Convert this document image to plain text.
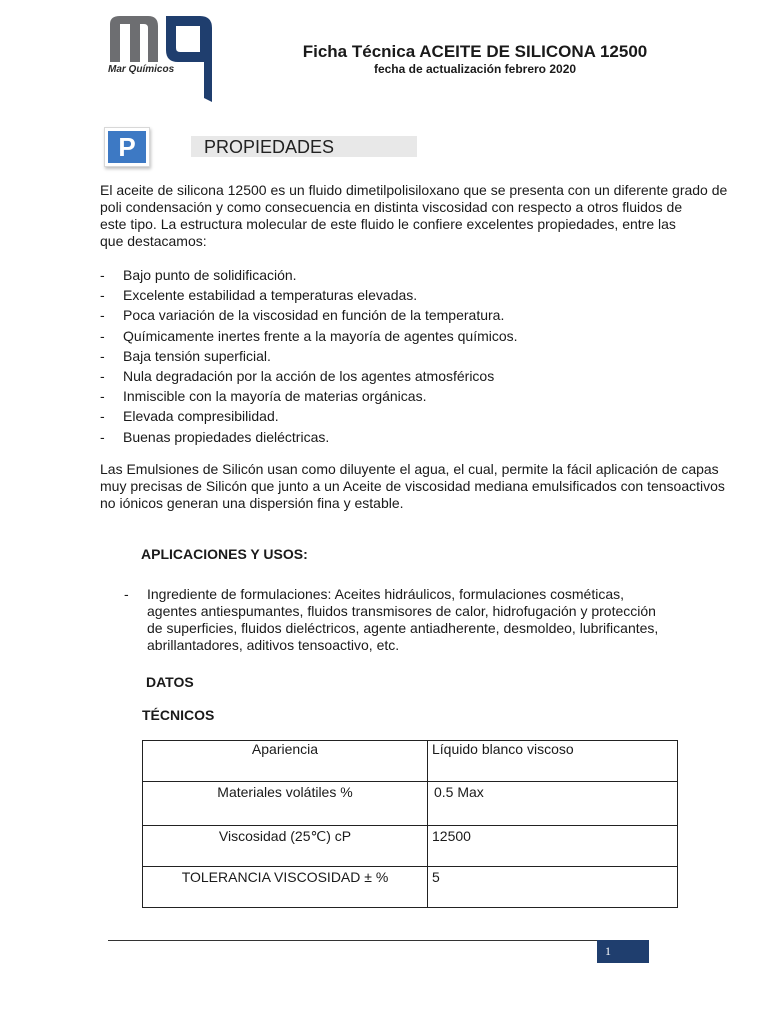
Mar Químicos
Ficha Técnica ACEITE DE SILICONA 12500
fecha de actualización febrero 2020
P	PROPIEDADES
El aceite de silicona 12500 es un fluido dimetilpolisiloxano que se presenta con un diferente grado de
poli condensación y como consecuencia en distinta viscosidad con respecto a otros fluidos de
este tipo. La estructura molecular de este fluido le confiere excelentes propiedades, entre las
que destacamos:
- Bajo punto de solidificación.
- Excelente estabilidad a temperaturas elevadas.
- Poca variación de la viscosidad en función de la temperatura.
- Químicamente inertes frente a la mayoría de agentes químicos.
- Baja tensión superficial.
- Nula degradación por la acción de los agentes atmosféricos
- Inmiscible con la mayoría de materias orgánicas.
- Elevada compresibilidad.
- Buenas propiedades dieléctricas.
Las Emulsiones de Silicón usan como diluyente el agua, el cual, permite la fácil aplicación de capas
muy precisas de Silicón que junto a un Aceite de viscosidad mediana emulsificados con tensoactivos
no iónicos generan una dispersión fina y estable.
APLICACIONES Y USOS:
- Ingrediente de formulaciones: Aceites hidráulicos, formulaciones cosméticas,
agentes antiespumantes, fluidos transmisores de calor, hidrofugación y protección
de superficies, fluidos dieléctricos, agente antiadherente, desmoldeo, lubrificantes,
abrillantadores, aditivos tensoactivo, etc.
DATOS
TÉCNICOS
Apariencia	Líquido blanco viscoso
Materiales volátiles %	0.5 Max
Viscosidad (25℃) cP	12500
TOLERANCIA VISCOSIDAD ± %	5
1
